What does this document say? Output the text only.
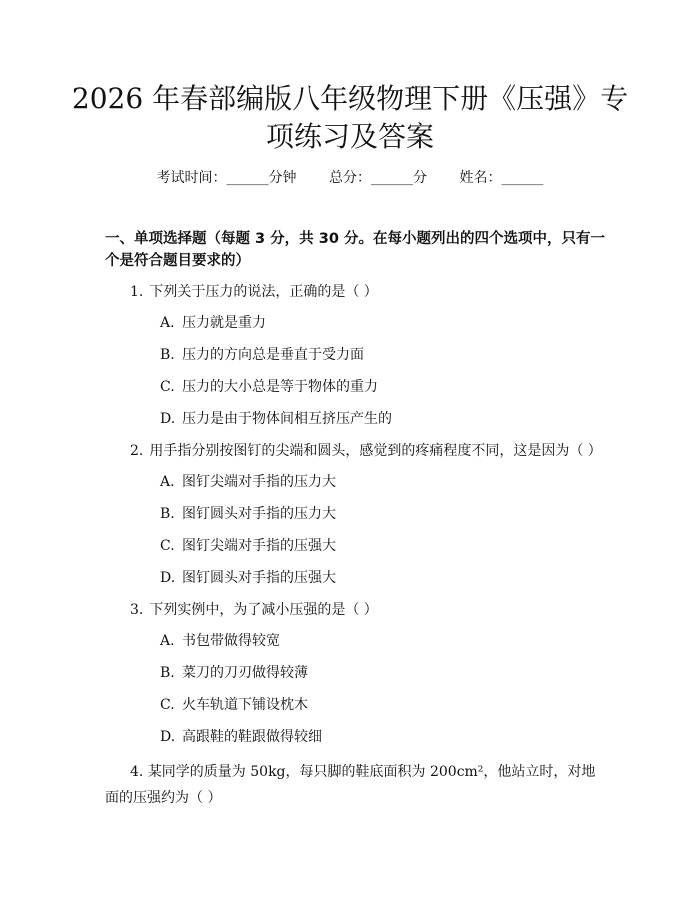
2026 年春部编版八年级物理下册《压强》专
项练习及答案
考试时间：______分钟 总分：______分 姓名：______
一、单项选择题（每题 3 分，共 30 分。在每小题列出的四个选项中，只有一个是符合题目要求的）
1. 下列关于压力的说法，正确的是（ ）
A. 压力就是重力
B. 压力的方向总是垂直于受力面
C. 压力的大小总是等于物体的重力
D. 压力是由于物体间相互挤压产生的
2. 用手指分别按图钉的尖端和圆头，感觉到的疼痛程度不同，这是因为（ ）
A. 图钉尖端对手指的压力大
B. 图钉圆头对手指的压力大
C. 图钉尖端对手指的压强大
D. 图钉圆头对手指的压强大
3. 下列实例中，为了减小压强的是（ ）
A. 书包带做得较宽
B. 菜刀的刀刃做得较薄
C. 火车轨道下铺设枕木
D. 高跟鞋的鞋跟做得较细
4. 某同学的质量为 50kg，每只脚的鞋底面积为 200cm²，他站立时，对地面的压强约为（ ）
